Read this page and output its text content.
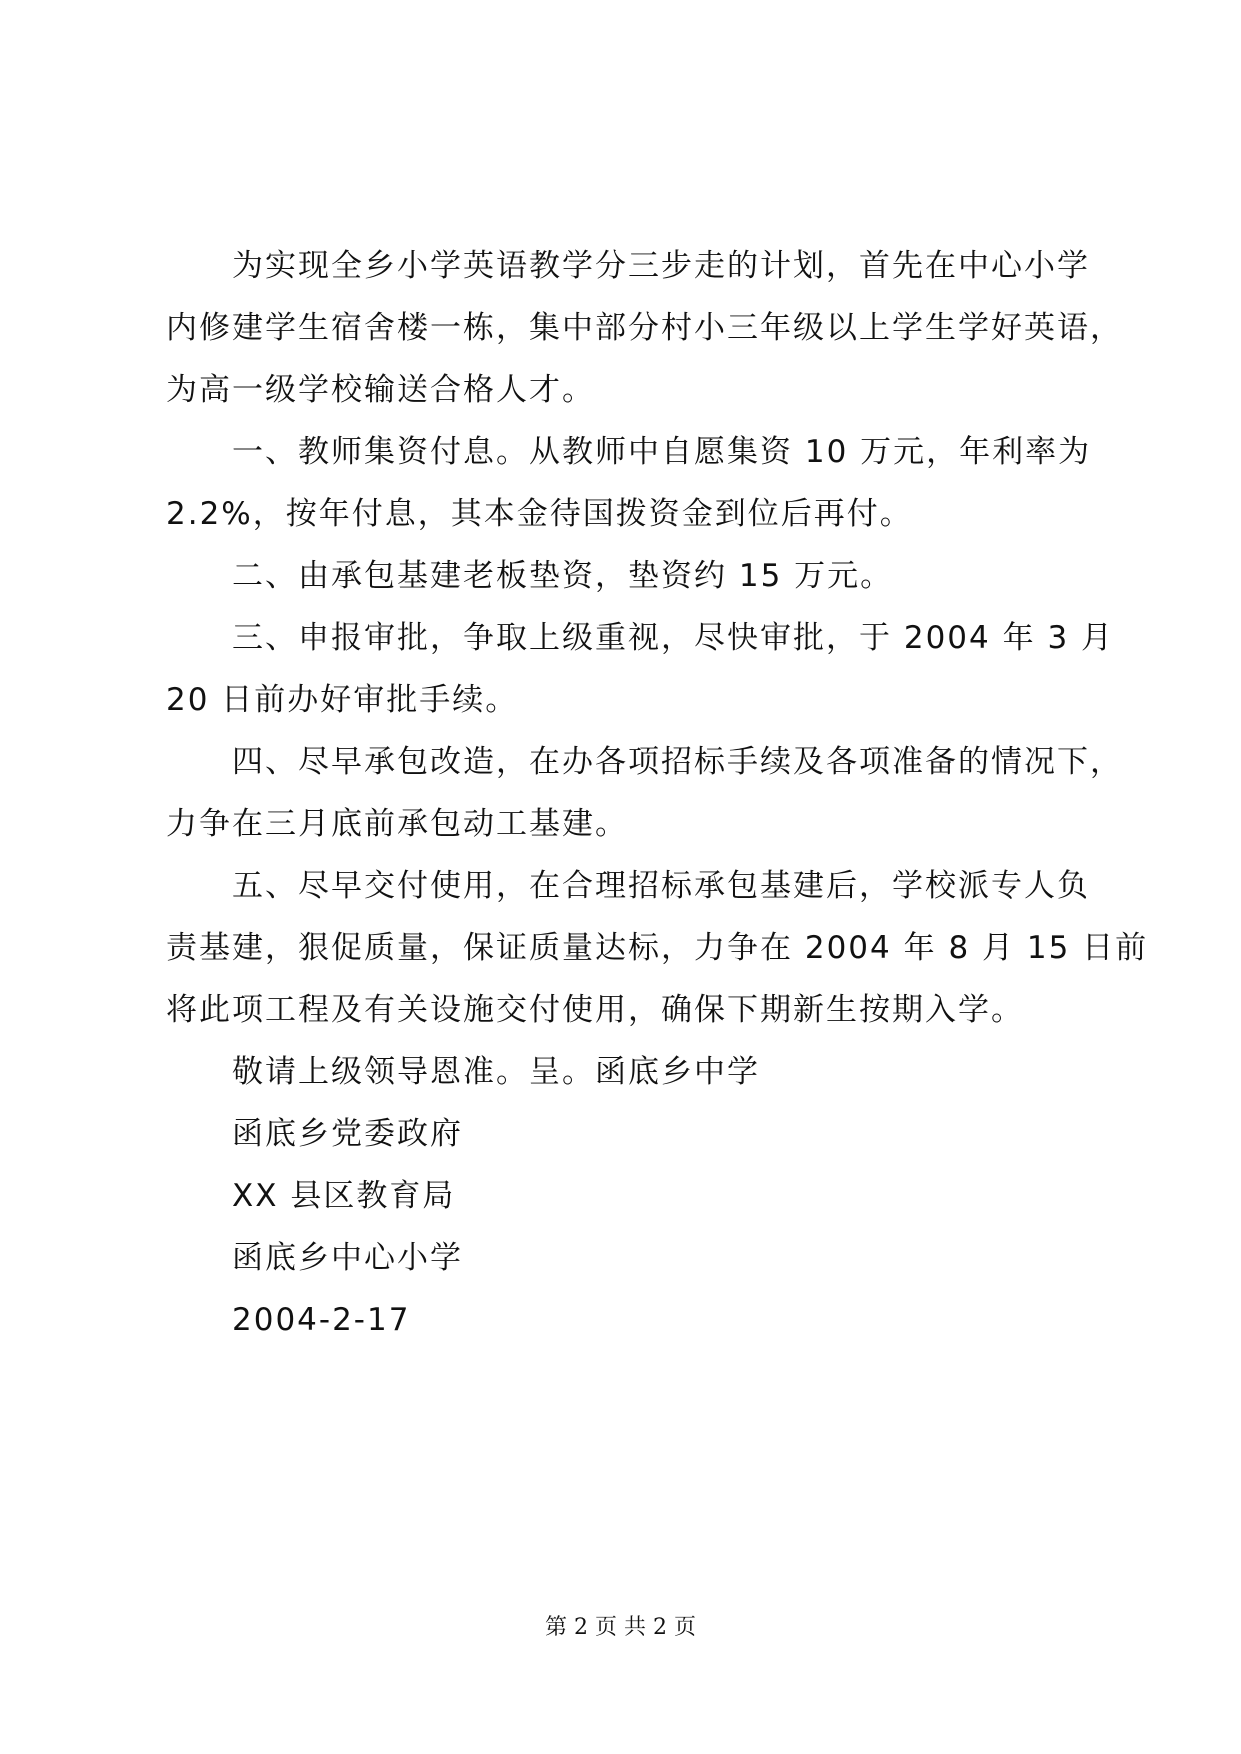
为实现全乡小学英语教学分三步走的计划，首先在中心小学
内修建学生宿舍楼一栋，集中部分村小三年级以上学生学好英语，
为高一级学校输送合格人才。
一、教师集资付息。从教师中自愿集资 10 万元，年利率为
2.2%，按年付息，其本金待国拨资金到位后再付。
二、由承包基建老板垫资，垫资约 15 万元。
三、申报审批，争取上级重视，尽快审批，于 2004 年 3 月
20 日前办好审批手续。
四、尽早承包改造，在办各项招标手续及各项准备的情况下，
力争在三月底前承包动工基建。
五、尽早交付使用，在合理招标承包基建后，学校派专人负
责基建，狠促质量，保证质量达标，力争在 2004 年 8 月 15 日前
将此项工程及有关设施交付使用，确保下期新生按期入学。
敬请上级领导恩准。呈。函底乡中学
函底乡党委政府
XX 县区教育局
函底乡中心小学
2004-2-17
第 2 页 共 2 页
